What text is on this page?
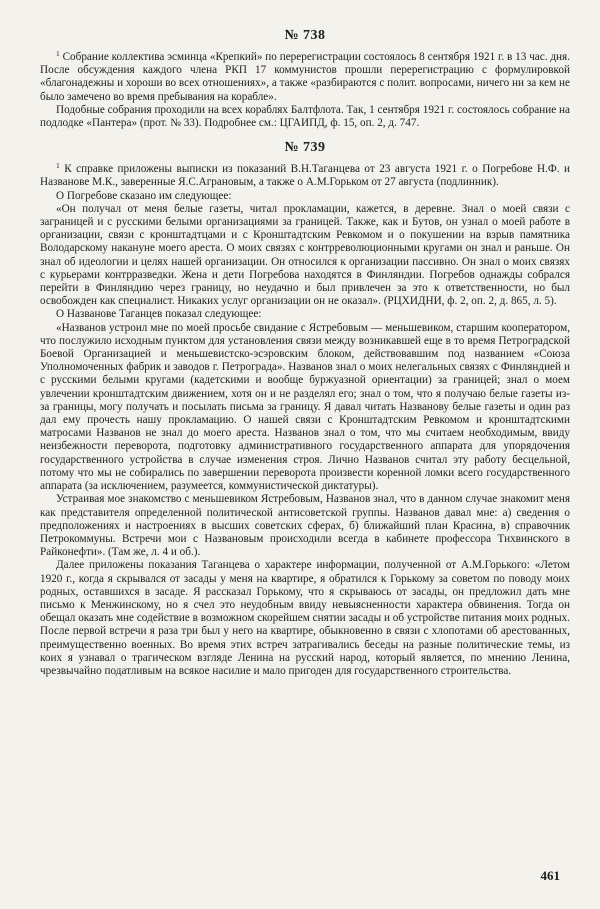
№ 738

$^1$ Собрание коллектива эсминца «Крепкий» по перерегистрации состоялось 8 сентября 1921 г. в 13 час. дня. После обсуждения каждого члена РКП 17 коммунистов прошли перерегистрацию с формулировкой «благонадежны и хороши во всех отношениях», а также «разбираются с полит. вопросами, ничего ни за кем не было замечено во время пребывания на корабле».

Подобные собрания проходили на всех кораблях Балтфлота. Так, 1 сентября 1921 г. состоялось собрание на подлодке «Пантера» (прот. № 33). Подробнее см.: ЦГАИПД, ф. 15, оп. 2, д. 747.

№ 739

$^1$ К справке приложены выписки из показаний В.Н.Таганцева от 23 августа 1921 г. о Погребове Н.Ф. и Названове М.К., заверенные Я.С.Аграновым, а также о А.М.Горьком от 27 августа (подлинник).

О Погребове сказано им следующее:

«Он получал от меня белые газеты, читал прокламации, кажется, в деревне. Знал о моей связи с заграницей и с русскими белыми организациями за границей. Также, как и Бутов, он узнал о моей работе в организации, связи с кронштадтцами и с Кронштадтским Ревкомом и о покушении на взрыв памятника Володарскому накануне моего ареста. О моих связях с контрреволюционными кругами он знал и раньше. Он знал об идеологии и целях нашей организации. Он относился к организации пассивно. Он знал о моих связях с курьерами контрразведки. Жена и дети Погребова находятся в Финляндии. Погребов однажды собрался перейти в Финляндию через границу, но неудачно и был привлечен за это к ответственности, но был освобожден как специалист. Никаких услуг организации он не оказал». (РЦХИДНИ, ф. 2, оп. 2, д. 865, л. 5).

О Названове Таганцев показал следующее:

«Названов устроил мне по моей просьбе свидание с Ястребовым — меньшевиком, старшим кооператором, что послужило исходным пунктом для установления связи между возникавшей еще в то время Петроградской Боевой Организацией и меньшевистско-эсэровским блоком, действовавшим под названием «Союза Уполномоченных фабрик и заводов г. Петрограда». Названов знал о моих нелегальных связях с Финляндией и с русскими белыми кругами (кадетскими и вообще буржуазной ориентации) за границей; знал о моем увлечении кронштадтским движением, хотя он и не разделял его; знал о том, что я получаю белые газеты из-за границы, могу получать и посылать письма за границу. Я давал читать Названову белые газеты и один раз дал ему прочесть нашу прокламацию. О нашей связи с Кронштадтским Ревкомом и кронштадтскими матросами Названов не знал до моего ареста. Названов знал о том, что мы считаем необходимым, ввиду неизбежности переворота, подготовку административного государственного аппарата для упорядочения государственного устройства в случае изменения строя. Лично Названов считал эту работу бесцельной, потому что мы не собирались по завершении переворота произвести коренной ломки всего государственного аппарата (за исключением, разумеется, коммунистической диктатуры).

Устраивая мое знакомство с меньшевиком Ястребовым, Названов знал, что в данном случае знакомит меня как представителя определенной политической антисоветской группы. Названов давал мне: а) сведения о предположениях и настроениях в высших советских сферах, б) ближайший план Красина, в) справочник Петрокоммуны. Встречи мои с Названовым происходили всегда в кабинете профессора Тихвинского в Райконефти». (Там же, л. 4 и об.).

Далее приложены показания Таганцева о характере информации, полученной от А.М.Горького: «Летом 1920 г., когда я скрывался от засады у меня на квартире, я обратился к Горькому за советом по поводу моих родных, оставшихся в засаде. Я рассказал Горькому, что я скрываюсь от засады, он предложил дать мне письмо к Менжинскому, но я счел это неудобным ввиду невыясненности характера обвинения. Тогда он обещал оказать мне содействие в возможном скорейшем снятии засады и об устройстве питания моих родных. После первой встречи я раза три был у него на квартире, обыкновенно в связи с хлопотами об арестованных, преимущественно военных. Во время этих встреч затрагивались беседы на разные политические темы, из коих я узнавал о трагическом взгляде Ленина на русский народ, который является, по мнению Ленина, чрезвычайно податливым на всякое насилие и мало пригоден для государственного строительства.

461
